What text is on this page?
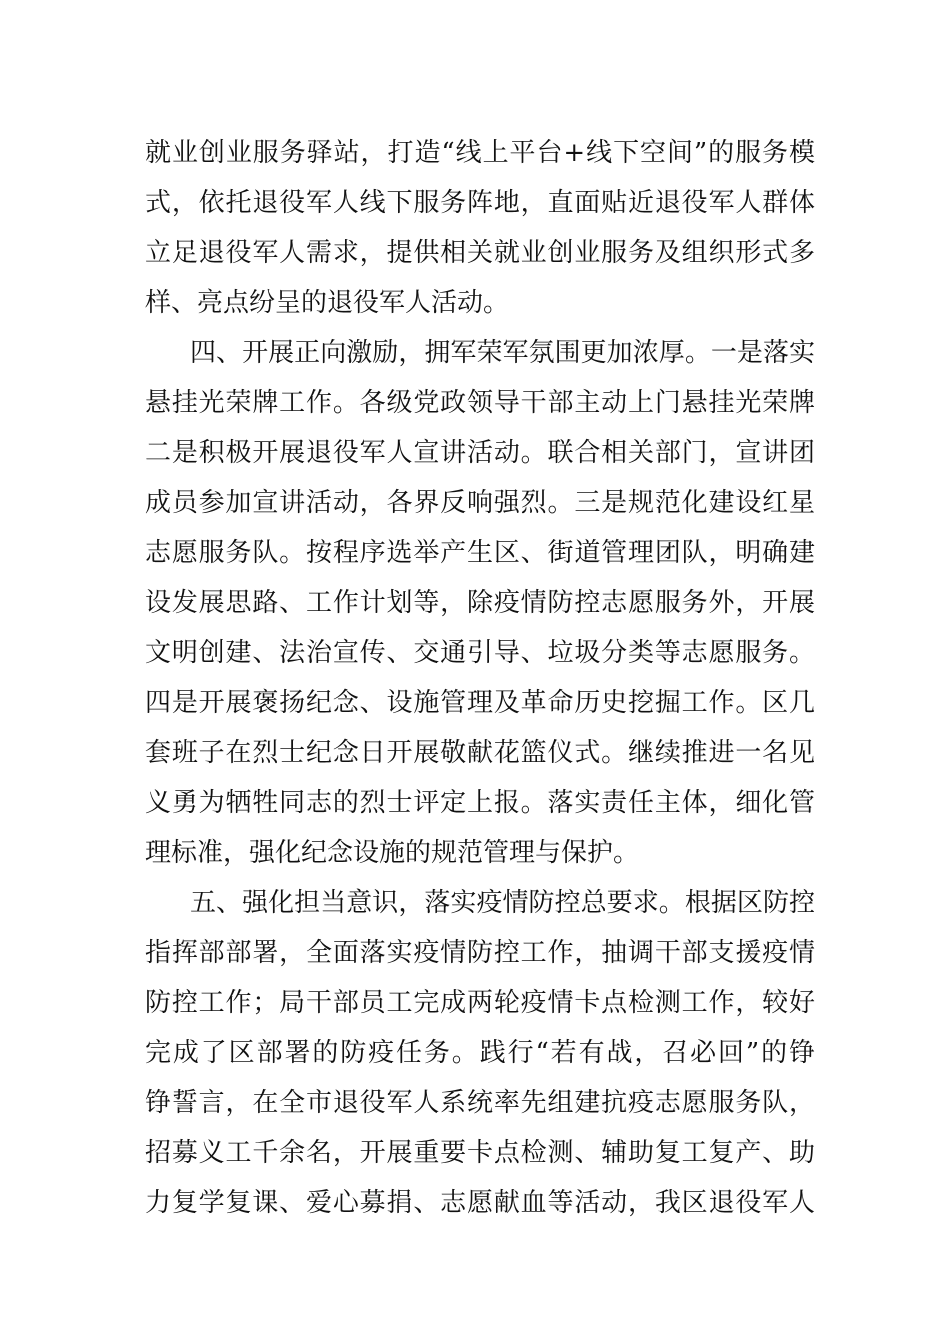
就业创业服务驿站，打造“线上平台+线下空间”的服务模
式，依托退役军人线下服务阵地，直面贴近退役军人群体
立足退役军人需求，提供相关就业创业服务及组织形式多
样、亮点纷呈的退役军人活动。
四、开展正向激励，拥军荣军氛围更加浓厚。一是落实
悬挂光荣牌工作。各级党政领导干部主动上门悬挂光荣牌
二是积极开展退役军人宣讲活动。联合相关部门，宣讲团
成员参加宣讲活动，各界反响强烈。三是规范化建设红星
志愿服务队。按程序选举产生区、街道管理团队，明确建
设发展思路、工作计划等，除疫情防控志愿服务外，开展
文明创建、法治宣传、交通引导、垃圾分类等志愿服务。
四是开展褒扬纪念、设施管理及革命历史挖掘工作。区几
套班子在烈士纪念日开展敬献花篮仪式。继续推进一名见
义勇为牺牲同志的烈士评定上报。落实责任主体，细化管
理标准，强化纪念设施的规范管理与保护。
五、强化担当意识，落实疫情防控总要求。根据区防控
指挥部部署，全面落实疫情防控工作，抽调干部支援疫情
防控工作；局干部员工完成两轮疫情卡点检测工作，较好
完成了区部署的防疫任务。践行“若有战，召必回”的铮
铮誓言，在全市退役军人系统率先组建抗疫志愿服务队，
招募义工千余名，开展重要卡点检测、辅助复工复产、助
力复学复课、爱心募捐、志愿献血等活动，我区退役军人
